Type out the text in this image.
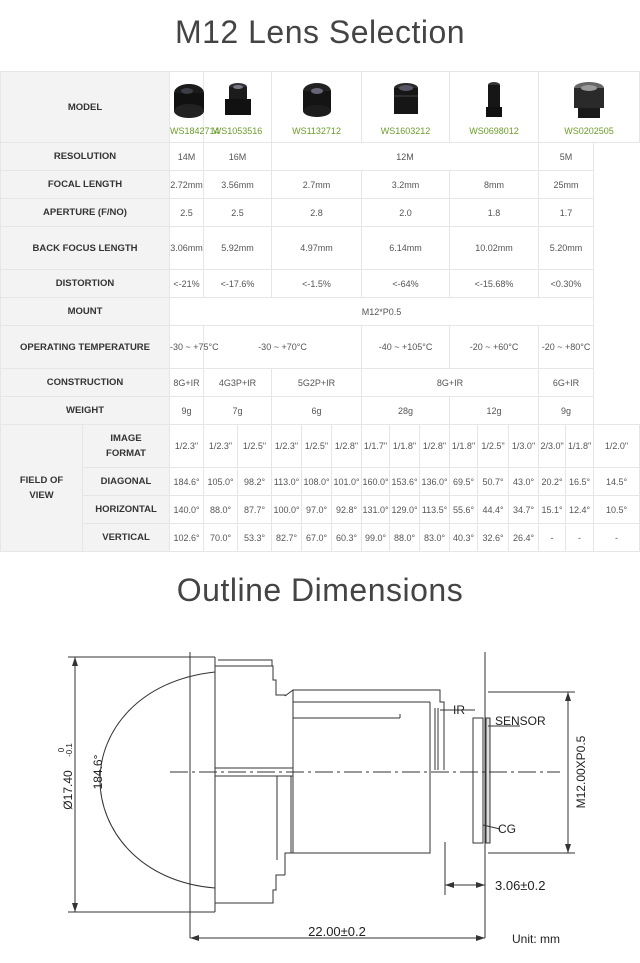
M12 Lens Selection
MODEL		WS1842714	WS1053516		WS1132712			WS1603212			WS0698012			WS0202505		

RESOLUTION		14M	16M		12M									5M		
FOCAL LENGTH		2.72mm	3.56mm		2.7mm			3.2mm			8mm			25mm		
APERTURE (F/NO)		2.5	2.5		2.8			2.0			1.8			1.7		
BACK FOCUS LENGTH		3.06mm	5.92mm		4.97mm			6.14mm			10.02mm			5.20mm		
DISTORTION		<-21%	<-17.6%		<-1.5%			<-64%			<-15.68%			<0.30%		
MOUNT		M12*P0.5														
OPERATING TEMPERATURE		-30 ~ +75°C	-30 ~ +70°C					-40 ~ +105°C			-20 ~ +60°C			-20 ~ +80°C		
CONSTRUCTION		8G+IR	4G3P+IR		5G2P+IR			8G+IR						6G+IR		
WEIGHT		9g	7g		6g			28g			12g			9g		
FIELD OF VIEW	IMAGE FORMAT	1/2.3"	1/2.3"	1/2.5"	1/2.3"	1/2.5"	1/2.8"	1/1.7"	1/1.8"	1/2.8"	1/1.8"	1/2.5"	1/3.0"	2/3.0"	1/1.8"	1/2.0"
	DIAGONAL	184.6°	105.0°	98.2°	113.0°	108.0°	101.0°	160.0°	153.6°	136.0°	69.5°	50.7°	43.0°	20.2°	16.5°	14.5°
	HORIZONTAL	140.0°	88.0°	87.7°	100.0°	97.0°	92.8°	131.0°	129.0°	113.5°	55.6°	44.4°	34.7°	15.1°	12.4°	10.5°
	VERTICAL	102.6°	70.0°	53.3°	82.7°	67.0°	60.3°	99.0°	88.0°	83.0°	40.3°	32.6°	26.4°	-	-	-
Outline Dimensions
Ø17.40
0 -0.1
184.6°
IR
SENSOR
CG
M12.00XP0.5
3.06±0.2
22.00±0.2	Unit: mm
